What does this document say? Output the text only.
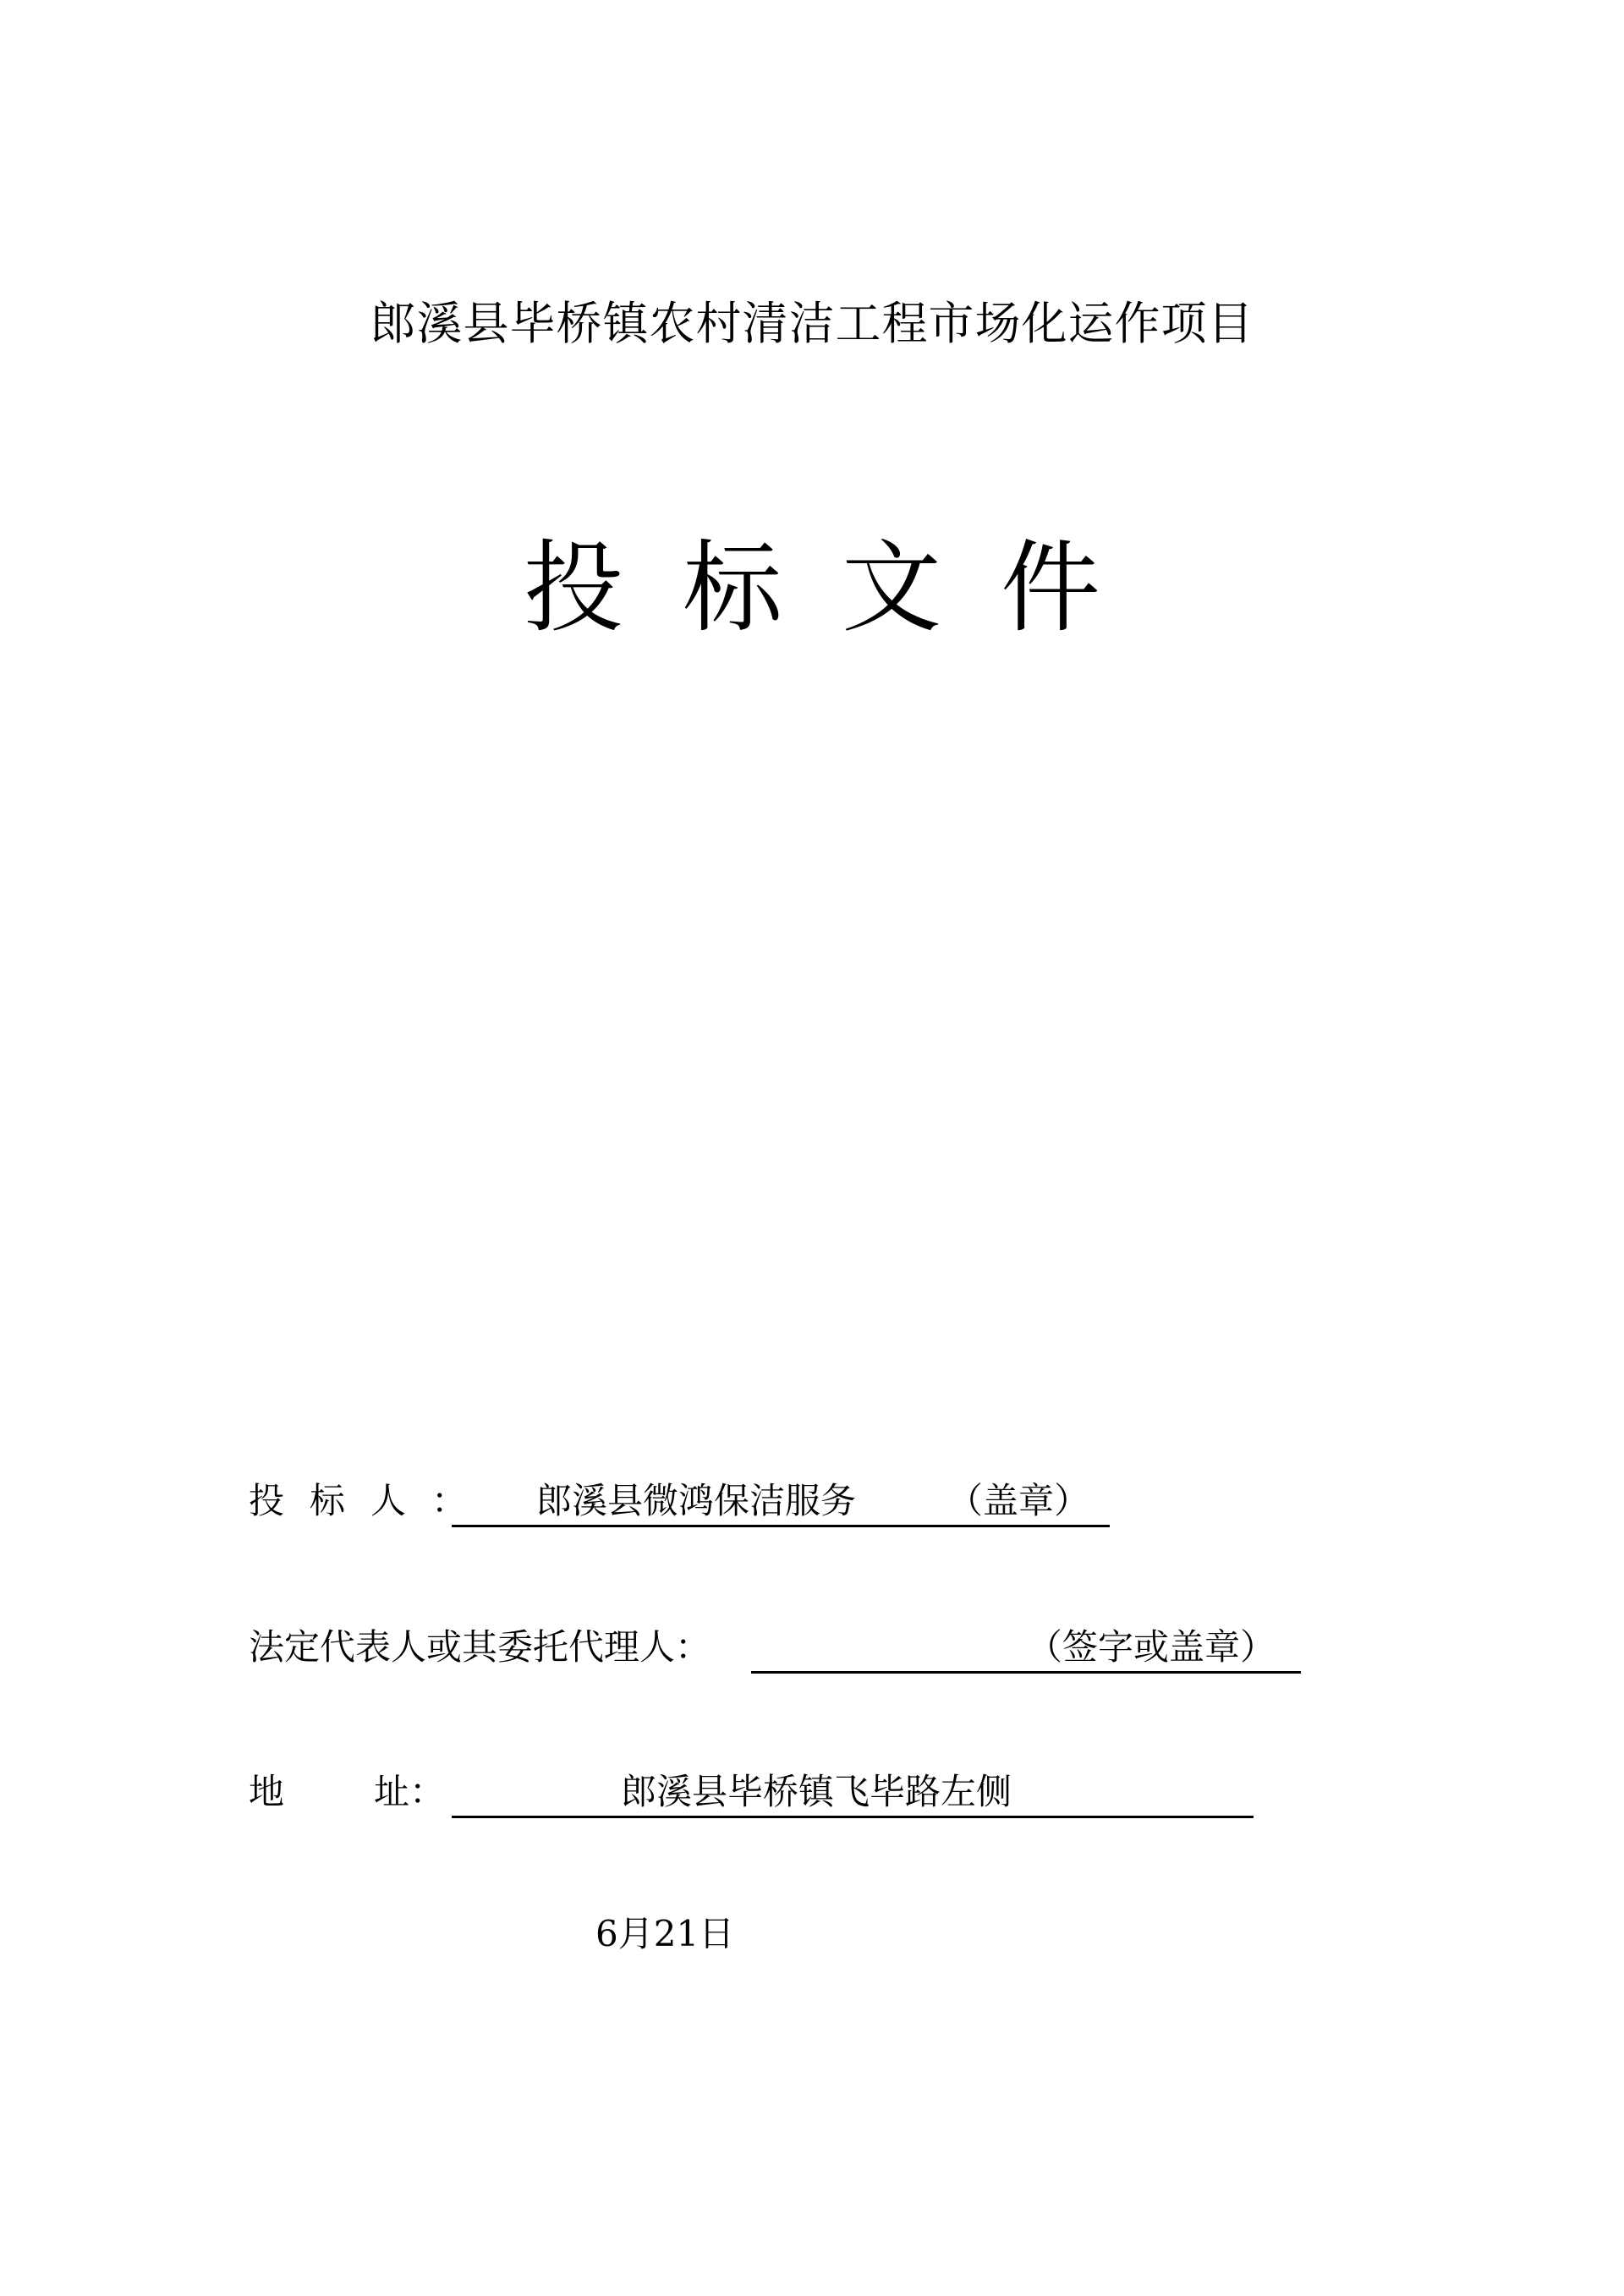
郎溪县毕桥镇农村清洁工程市场化运作项目
投标文件
投标人： 郎溪县微鸿保洁服务	（盖章）
法定代表人或其委托代理人：	（签字或盖章）
地	址：	郎溪县毕桥镇飞毕路左侧
6月21日
